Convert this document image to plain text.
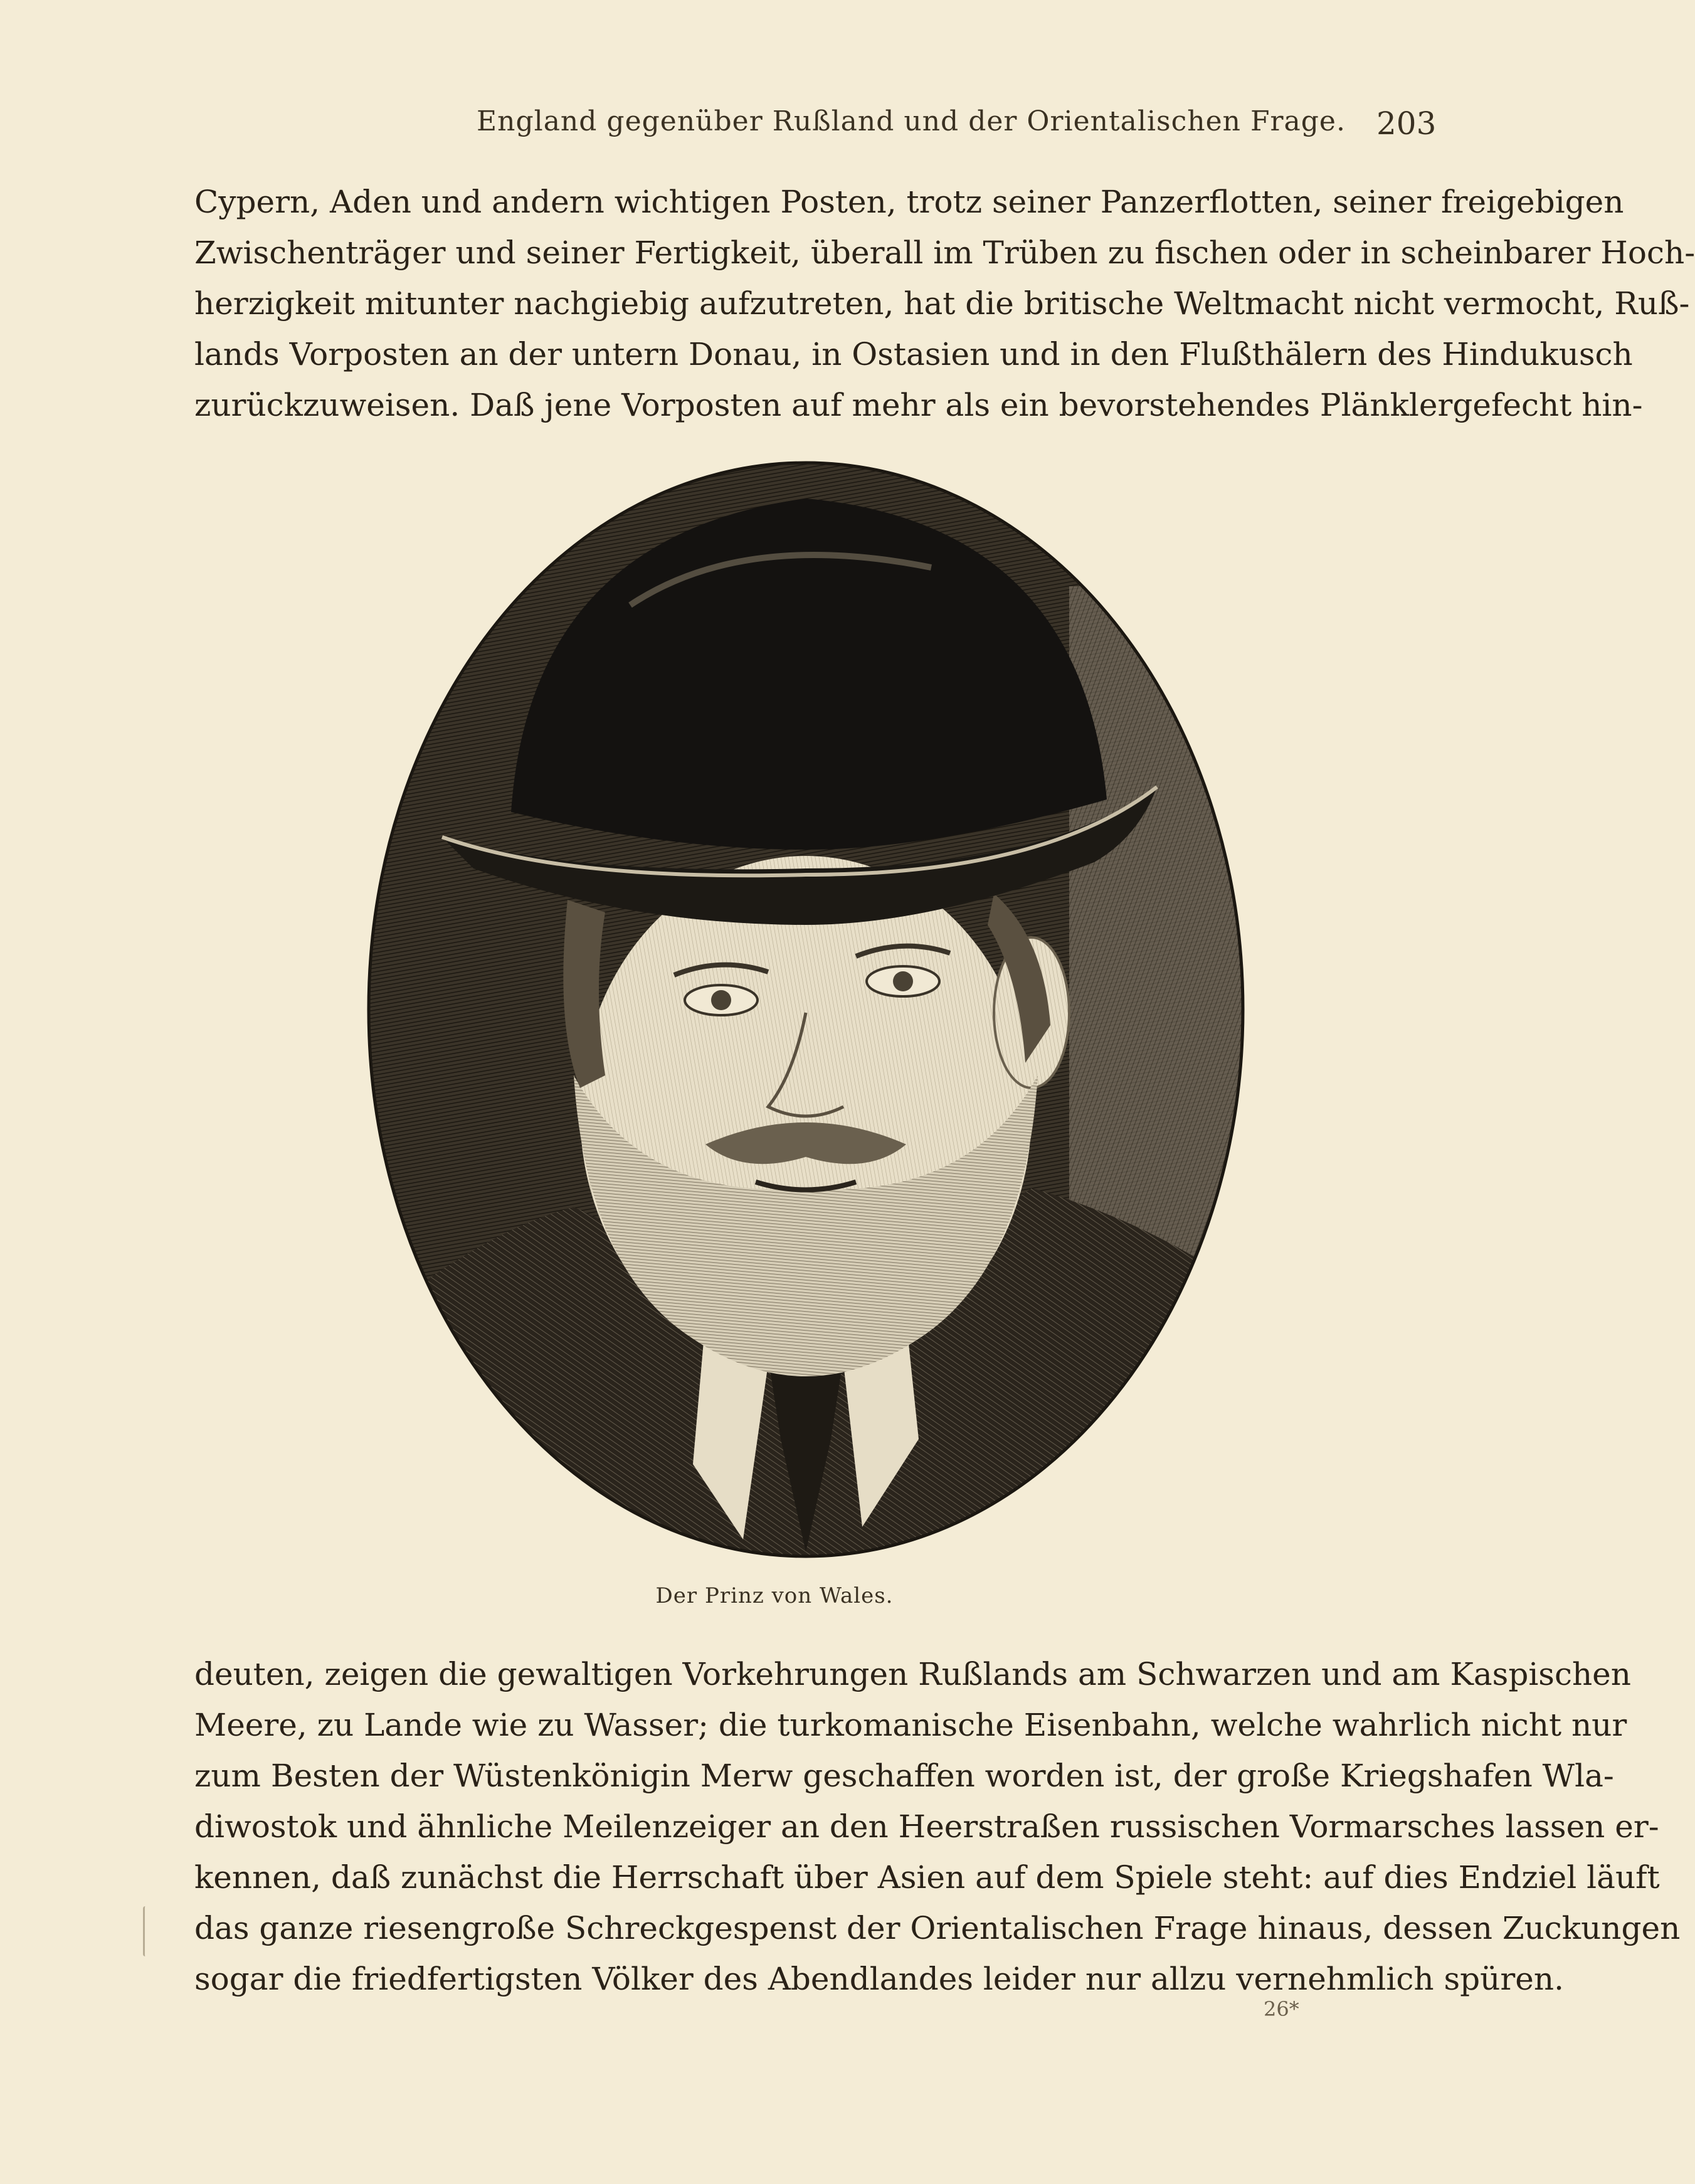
England gegenüber Rußland und der Orientalischen Frage. 203
Cypern, Aden und andern wichtigen Posten, trotz seiner Panzerflotten, seiner freigebigen
Zwischenträger und seiner Fertigkeit, überall im Trüben zu fischen oder in scheinbarer Hoch-
herzigkeit mitunter nachgiebig aufzutreten, hat die britische Weltmacht nicht vermocht, Ruß-
lands Vorposten an der untern Donau, in Ostasien und in den Flußthälern des Hindukusch
zurückzuweisen. Daß jene Vorposten auf mehr als ein bevorstehendes Plänklergefecht hin-
Der Prinz von Wales.
deuten, zeigen die gewaltigen Vorkehrungen Rußlands am Schwarzen und am Kaspischen
Meere, zu Lande wie zu Wasser; die turkomanische Eisenbahn, welche wahrlich nicht nur
zum Besten der Wüstenkönigin Merw geschaffen worden ist, der große Kriegshafen Wla-
diwostok und ähnliche Meilenzeiger an den Heerstraßen russischen Vormarsches lassen er-
kennen, daß zunächst die Herrschaft über Asien auf dem Spiele steht: auf dies Endziel läuft
das ganze riesengroße Schreckgespenst der Orientalischen Frage hinaus, dessen Zuckungen
sogar die friedfertigsten Völker des Abendlandes leider nur allzu vernehmlich spüren.
26*
